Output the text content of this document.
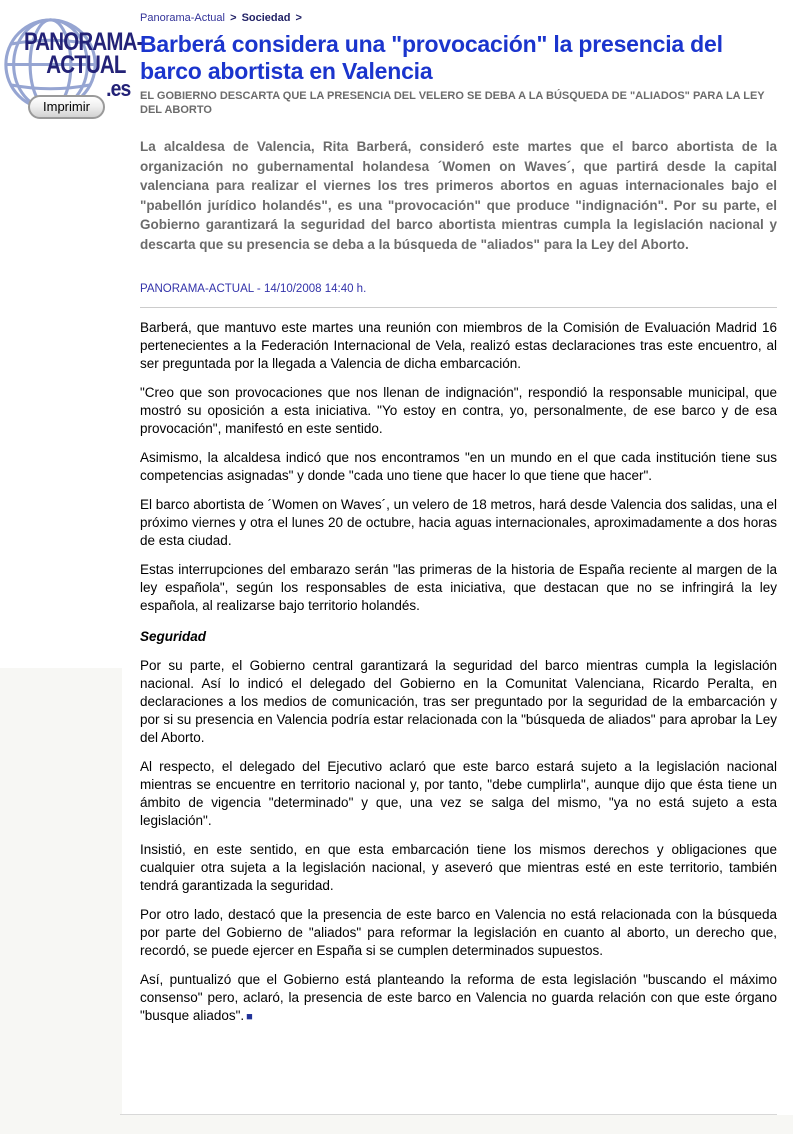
PANORAMA-
ACTUAL
.es
Imprimir
Panorama-Actual > Sociedad >
Barberá considera una "provocación" la presencia del barco abortista en Valencia
EL GOBIERNO DESCARTA QUE LA PRESENCIA DEL VELERO SE DEBA A LA BÚSQUEDA DE "ALIADOS" PARA LA LEY DEL ABORTO

La alcaldesa de Valencia, Rita Barberá, consideró este martes que el barco abortista de la organización no gubernamental holandesa ´Women on Waves´, que partirá desde la capital valenciana para realizar el viernes los tres primeros abortos en aguas internacionales bajo el "pabellón jurídico holandés", es una "provocación" que produce "indignación". Por su parte, el Gobierno garantizará la seguridad del barco abortista mientras cumpla la legislación nacional y descarta que su presencia se deba a la búsqueda de "aliados" para la Ley del Aborto.

PANORAMA-ACTUAL - 14/10/2008 14:40 h.

Barberá, que mantuvo este martes una reunión con miembros de la Comisión de Evaluación Madrid 16 pertenecientes a la Federación Internacional de Vela, realizó estas declaraciones tras este encuentro, al ser preguntada por la llegada a Valencia de dicha embarcación.

"Creo que son provocaciones que nos llenan de indignación", respondió la responsable municipal, que mostró su oposición a esta iniciativa. "Yo estoy en contra, yo, personalmente, de ese barco y de esa provocación", manifestó en este sentido.

Asimismo, la alcaldesa indicó que nos encontramos "en un mundo en el que cada institución tiene sus competencias asignadas" y donde "cada uno tiene que hacer lo que tiene que hacer".

El barco abortista de ´Women on Waves´, un velero de 18 metros, hará desde Valencia dos salidas, una el próximo viernes y otra el lunes 20 de octubre, hacia aguas internacionales, aproximadamente a dos horas de esta ciudad.

Estas interrupciones del embarazo serán "las primeras de la historia de España reciente al margen de la ley española", según los responsables de esta iniciativa, que destacan que no se infringirá la ley española, al realizarse bajo territorio holandés.

Seguridad

Por su parte, el Gobierno central garantizará la seguridad del barco mientras cumpla la legislación nacional. Así lo indicó el delegado del Gobierno en la Comunitat Valenciana, Ricardo Peralta, en declaraciones a los medios de comunicación, tras ser preguntado por la seguridad de la embarcación y por si su presencia en Valencia podría estar relacionada con la "búsqueda de aliados" para aprobar la Ley del Aborto.

Al respecto, el delegado del Ejecutivo aclaró que este barco estará sujeto a la legislación nacional mientras se encuentre en territorio nacional y, por tanto, "debe cumplirla", aunque dijo que ésta tiene un ámbito de vigencia "determinado" y que, una vez se salga del mismo, "ya no está sujeto a esta legislación".

Insistió, en este sentido, en que esta embarcación tiene los mismos derechos y obligaciones que cualquier otra sujeta a la legislación nacional, y aseveró que mientras esté en este territorio, también tendrá garantizada la seguridad.

Por otro lado, destacó que la presencia de este barco en Valencia no está relacionada con la búsqueda por parte del Gobierno de "aliados" para reformar la legislación en cuanto al aborto, un derecho que, recordó, se puede ejercer en España si se cumplen determinados supuestos.

Así, puntualizó que el Gobierno está planteando la reforma de esta legislación "buscando el máximo consenso" pero, aclaró, la presencia de este barco en Valencia no guarda relación con que este órgano "busque aliados". ■
